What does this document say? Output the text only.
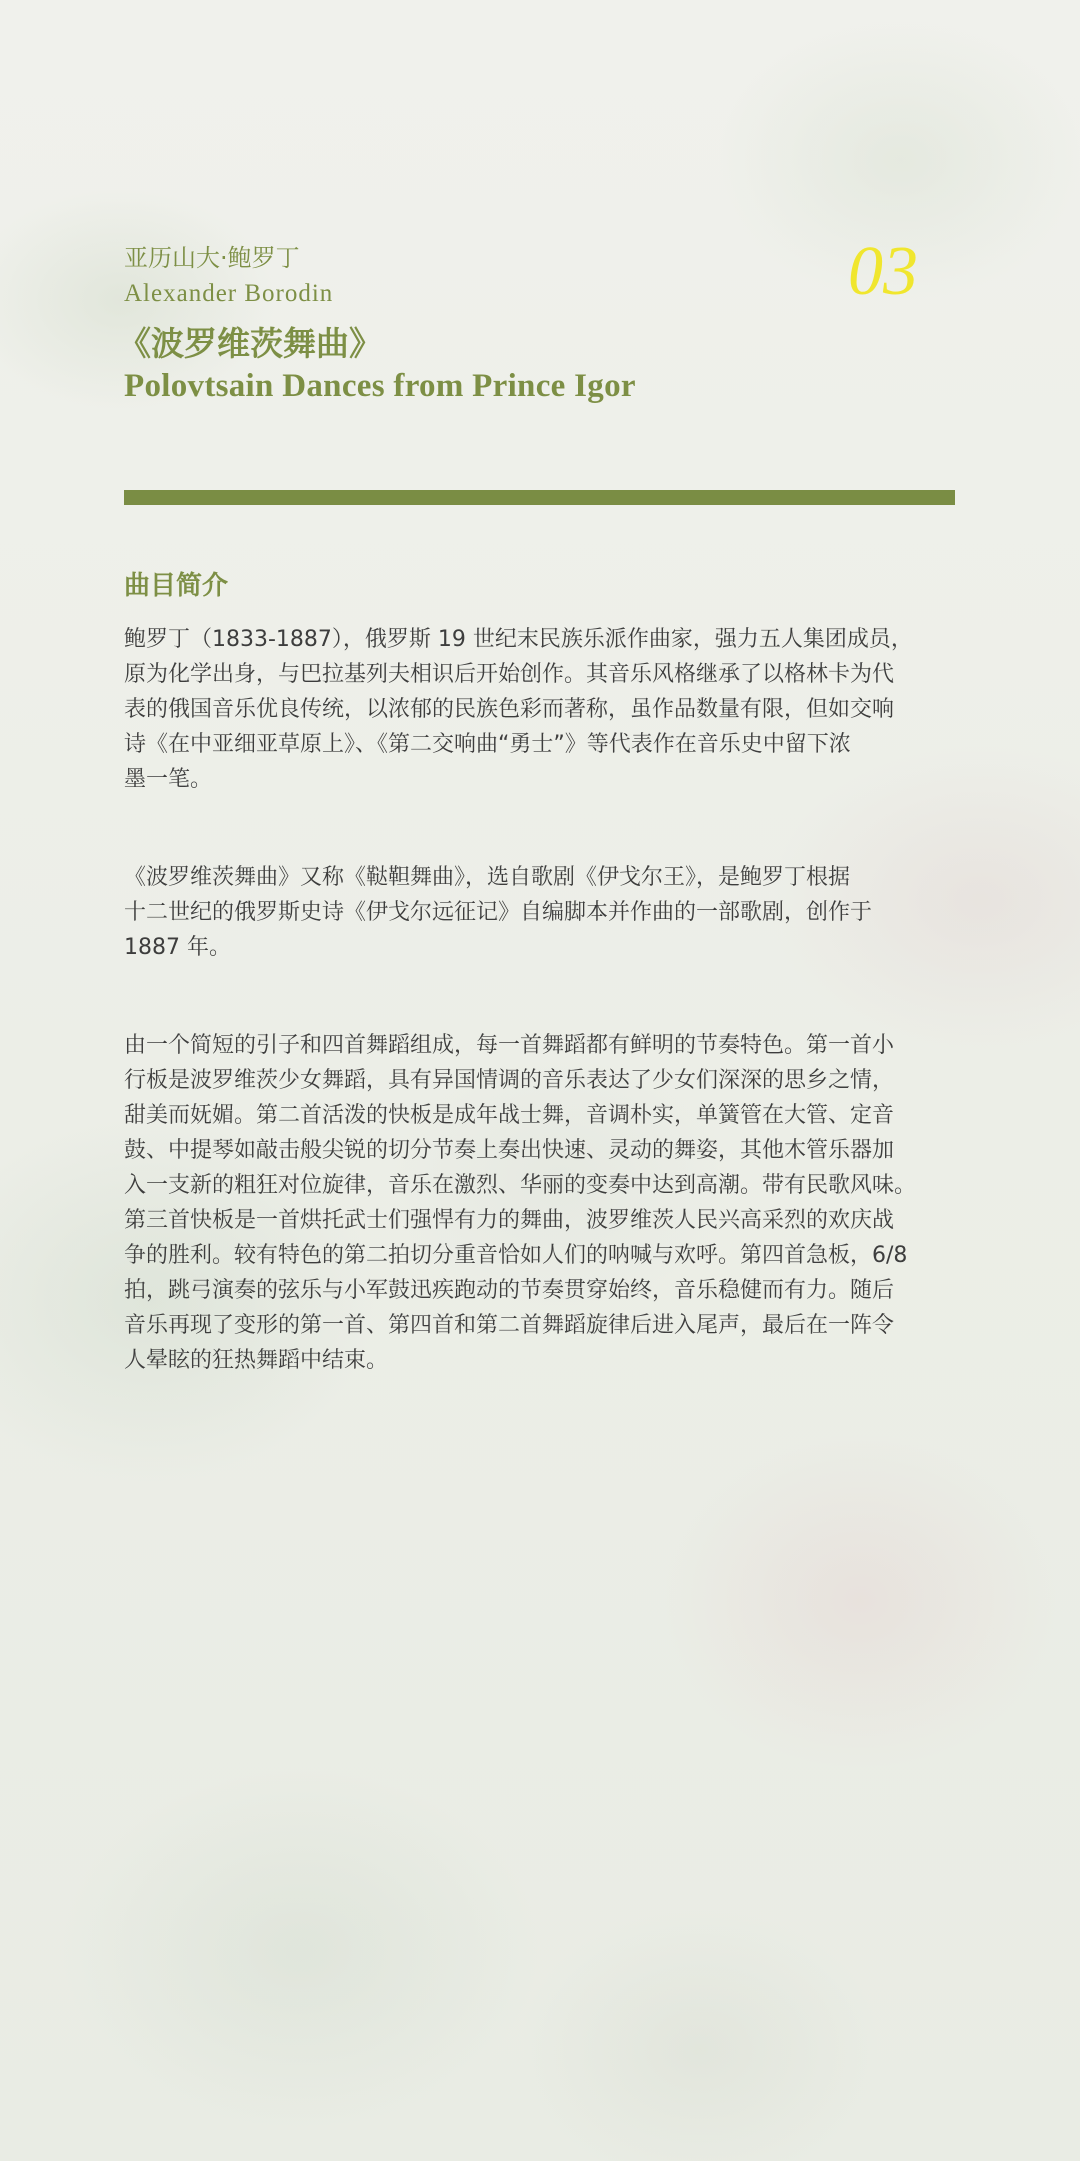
亚历山大·鲍罗丁
Alexander Borodin	03
《波罗维茨舞曲》
Polovtsain Dances from Prince Igor
曲目简介
鲍罗丁（1833-1887），俄罗斯 19 世纪末民族乐派作曲家，强力五人集团成员，
原为化学出身，与巴拉基列夫相识后开始创作。其音乐风格继承了以格林卡为代
表的俄国音乐优良传统，以浓郁的民族色彩而著称，虽作品数量有限，但如交响
诗《在中亚细亚草原上》、《第二交响曲“勇士”》等代表作在音乐史中留下浓
墨一笔。
《波罗维茨舞曲》又称《鞑靼舞曲》，选自歌剧《伊戈尔王》，是鲍罗丁根据
十二世纪的俄罗斯史诗《伊戈尔远征记》自编脚本并作曲的一部歌剧，创作于
1887 年。
由一个简短的引子和四首舞蹈组成，每一首舞蹈都有鲜明的节奏特色。第一首小
行板是波罗维茨少女舞蹈，具有异国情调的音乐表达了少女们深深的思乡之情，
甜美而妩媚。第二首活泼的快板是成年战士舞，音调朴实，单簧管在大管、定音
鼓、中提琴如敲击般尖锐的切分节奏上奏出快速、灵动的舞姿，其他木管乐器加
入一支新的粗狂对位旋律，音乐在激烈、华丽的变奏中达到高潮。带有民歌风味。
第三首快板是一首烘托武士们强悍有力的舞曲，波罗维茨人民兴高采烈的欢庆战
争的胜利。较有特色的第二拍切分重音恰如人们的呐喊与欢呼。第四首急板，6/8
拍，跳弓演奏的弦乐与小军鼓迅疾跑动的节奏贯穿始终，音乐稳健而有力。随后
音乐再现了变形的第一首、第四首和第二首舞蹈旋律后进入尾声，最后在一阵令
人晕眩的狂热舞蹈中结束。
